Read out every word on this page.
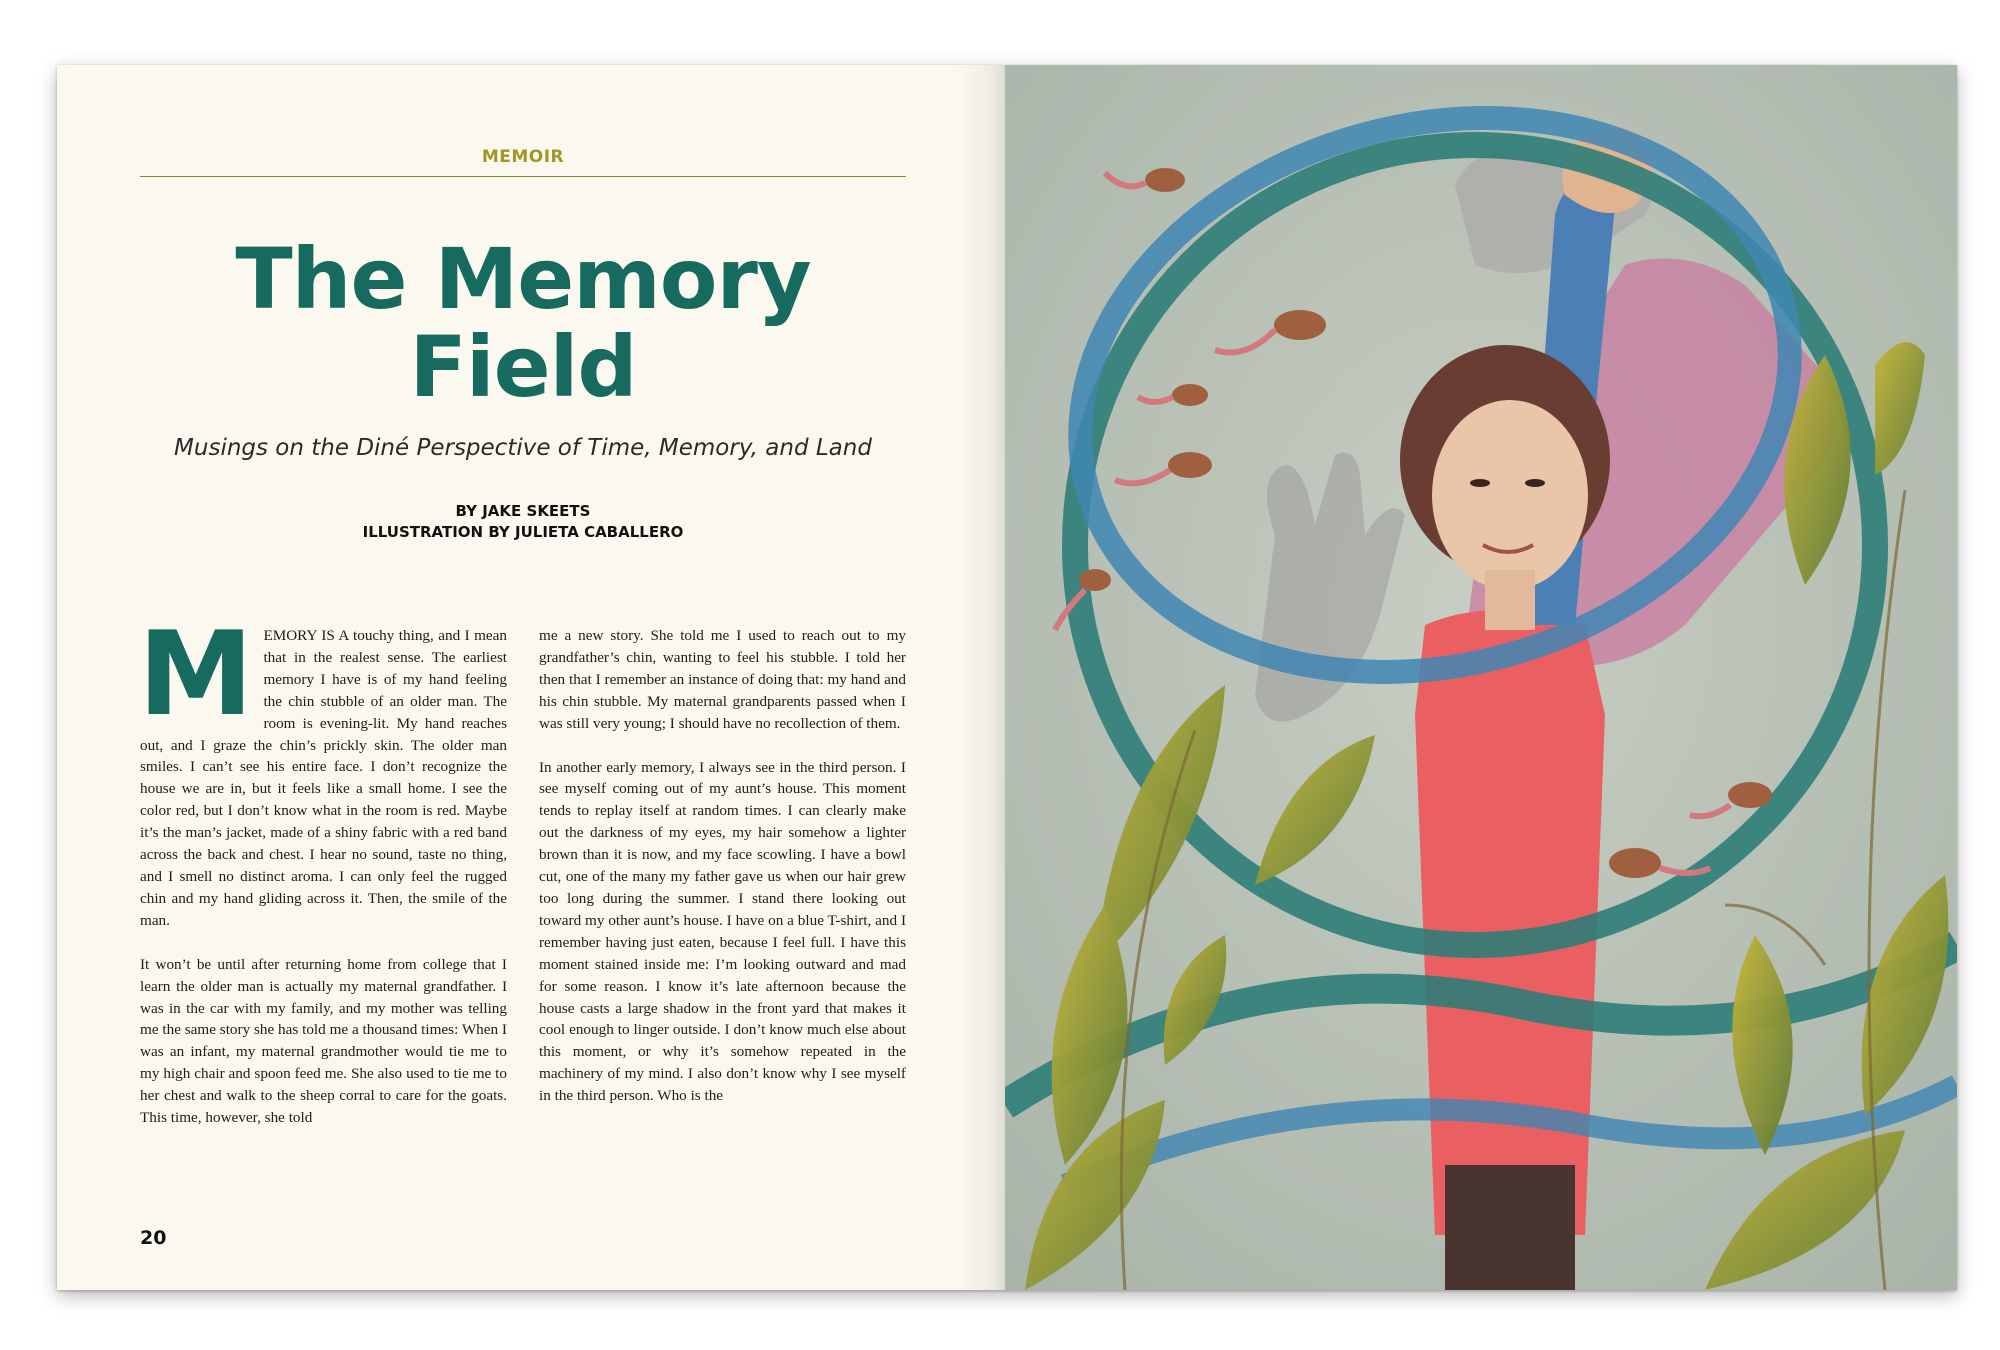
MEMOIR
The Memory
Field
Musings on the Diné Perspective of Time, Memory, and Land
BY JAKE SKEETS
ILLUSTRATION BY JULIETA CABALLERO

MEMORY IS A touchy thing, and I mean that in the realest sense. The earliest memory I have is of my hand feeling the chin stubble of an older man. The room is evening-lit. My hand reaches out, and I graze the chin’s prickly skin. The older man smiles. I can’t see his entire face. I don’t recognize the house we are in, but it feels like a small home. I see the color red, but I don’t know what in the room is red. Maybe it’s the man’s jacket, made of a shiny fabric with a red band across the back and chest. I hear no sound, taste no thing, and I smell no distinct aroma. I can only feel the rugged chin and my hand gliding across it. Then, the smile of the man.

It won’t be until after returning home from college that I learn the older man is actually my maternal grandfather. I was in the car with my family, and my mother was telling me the same story she has told me a thousand times: When I was an infant, my maternal grandmother would tie me to my high chair and spoon feed me. She also used to tie me to her chest and walk to the sheep corral to care for the goats. This time, however, she told

me a new story. She told me I used to reach out to my grandfather’s chin, wanting to feel his stubble. I told her then that I remember an instance of doing that: my hand and his chin stubble. My maternal grandparents passed when I was still very young; I should have no recollection of them.

In another early memory, I always see in the third person. I see myself coming out of my aunt’s house. This moment tends to replay itself at random times. I can clearly make out the darkness of my eyes, my hair somehow a lighter brown than it is now, and my face scowling. I have a bowl cut, one of the many my father gave us when our hair grew too long during the summer. I stand there looking out toward my other aunt’s house. I have on a blue T-shirt, and I remember having just eaten, because I feel full. I have this moment stained inside me: I’m looking outward and mad for some reason. I know it’s late afternoon because the house casts a large shadow in the front yard that makes it cool enough to linger outside. I don’t know much else about this moment, or why it’s somehow repeated in the machinery of my mind. I also don’t know why I see myself in the third person. Who is the

20
